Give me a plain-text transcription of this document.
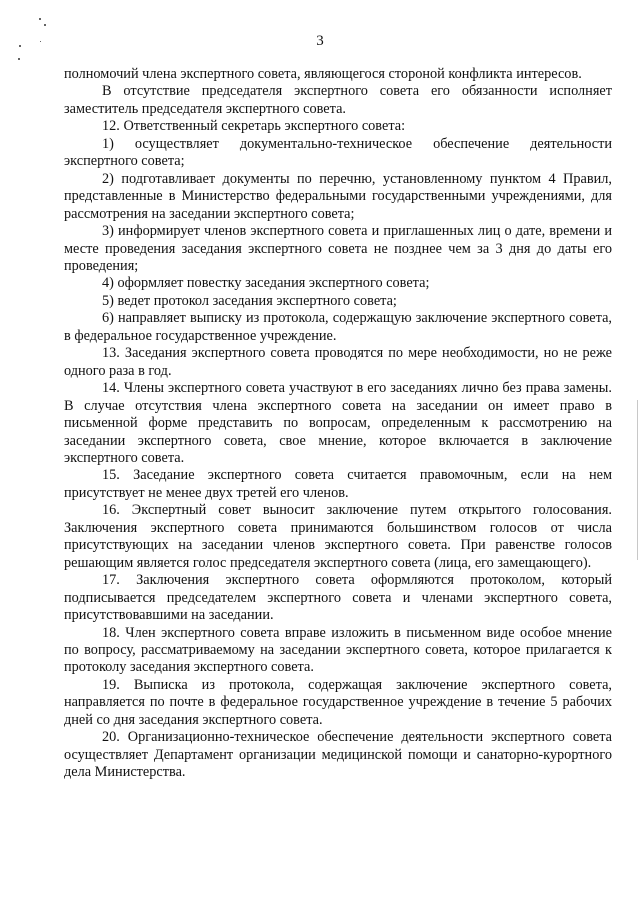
3

полномочий члена экспертного совета, являющегося стороной конфликта интересов.

В отсутствие председателя экспертного совета его обязанности исполняет заместитель председателя экспертного совета.

12. Ответственный секретарь экспертного совета:

1) осуществляет документально-техническое обеспечение деятельности экспертного совета;

2) подготавливает документы по перечню, установленному пунктом 4 Правил, представленные в Министерство федеральными государственными учреждениями, для рассмотрения на заседании экспертного совета;

3) информирует членов экспертного совета и приглашенных лиц о дате, времени и месте проведения заседания экспертного совета не позднее чем за 3 дня до даты его проведения;

4) оформляет повестку заседания экспертного совета;

5) ведет протокол заседания экспертного совета;

6) направляет выписку из протокола, содержащую заключение экспертного совета, в федеральное государственное учреждение.

13. Заседания экспертного совета проводятся по мере необходимости, но не реже одного раза в год.

14. Члены экспертного совета участвуют в его заседаниях лично без права замены. В случае отсутствия члена экспертного совета на заседании он имеет право в письменной форме представить по вопросам, определенным к рассмотрению на заседании экспертного совета, свое мнение, которое включается в заключение экспертного совета.

15. Заседание экспертного совета считается правомочным, если на нем присутствует не менее двух третей его членов.

16. Экспертный совет выносит заключение путем открытого голосования. Заключения экспертного совета принимаются большинством голосов от числа присутствующих на заседании членов экспертного совета. При равенстве голосов решающим является голос председателя экспертного совета (лица, его замещающего).

17. Заключения экспертного совета оформляются протоколом, который подписывается председателем экспертного совета и членами экспертного совета, присутствовавшими на заседании.

18. Член экспертного совета вправе изложить в письменном виде особое мнение по вопросу, рассматриваемому на заседании экспертного совета, которое прилагается к протоколу заседания экспертного совета.

19. Выписка из протокола, содержащая заключение экспертного совета, направляется по почте в федеральное государственное учреждение в течение 5 рабочих дней со дня заседания экспертного совета.

20. Организационно-техническое обеспечение деятельности экспертного совета осуществляет Департамент организации медицинской помощи и санаторно-курортного дела Министерства.
